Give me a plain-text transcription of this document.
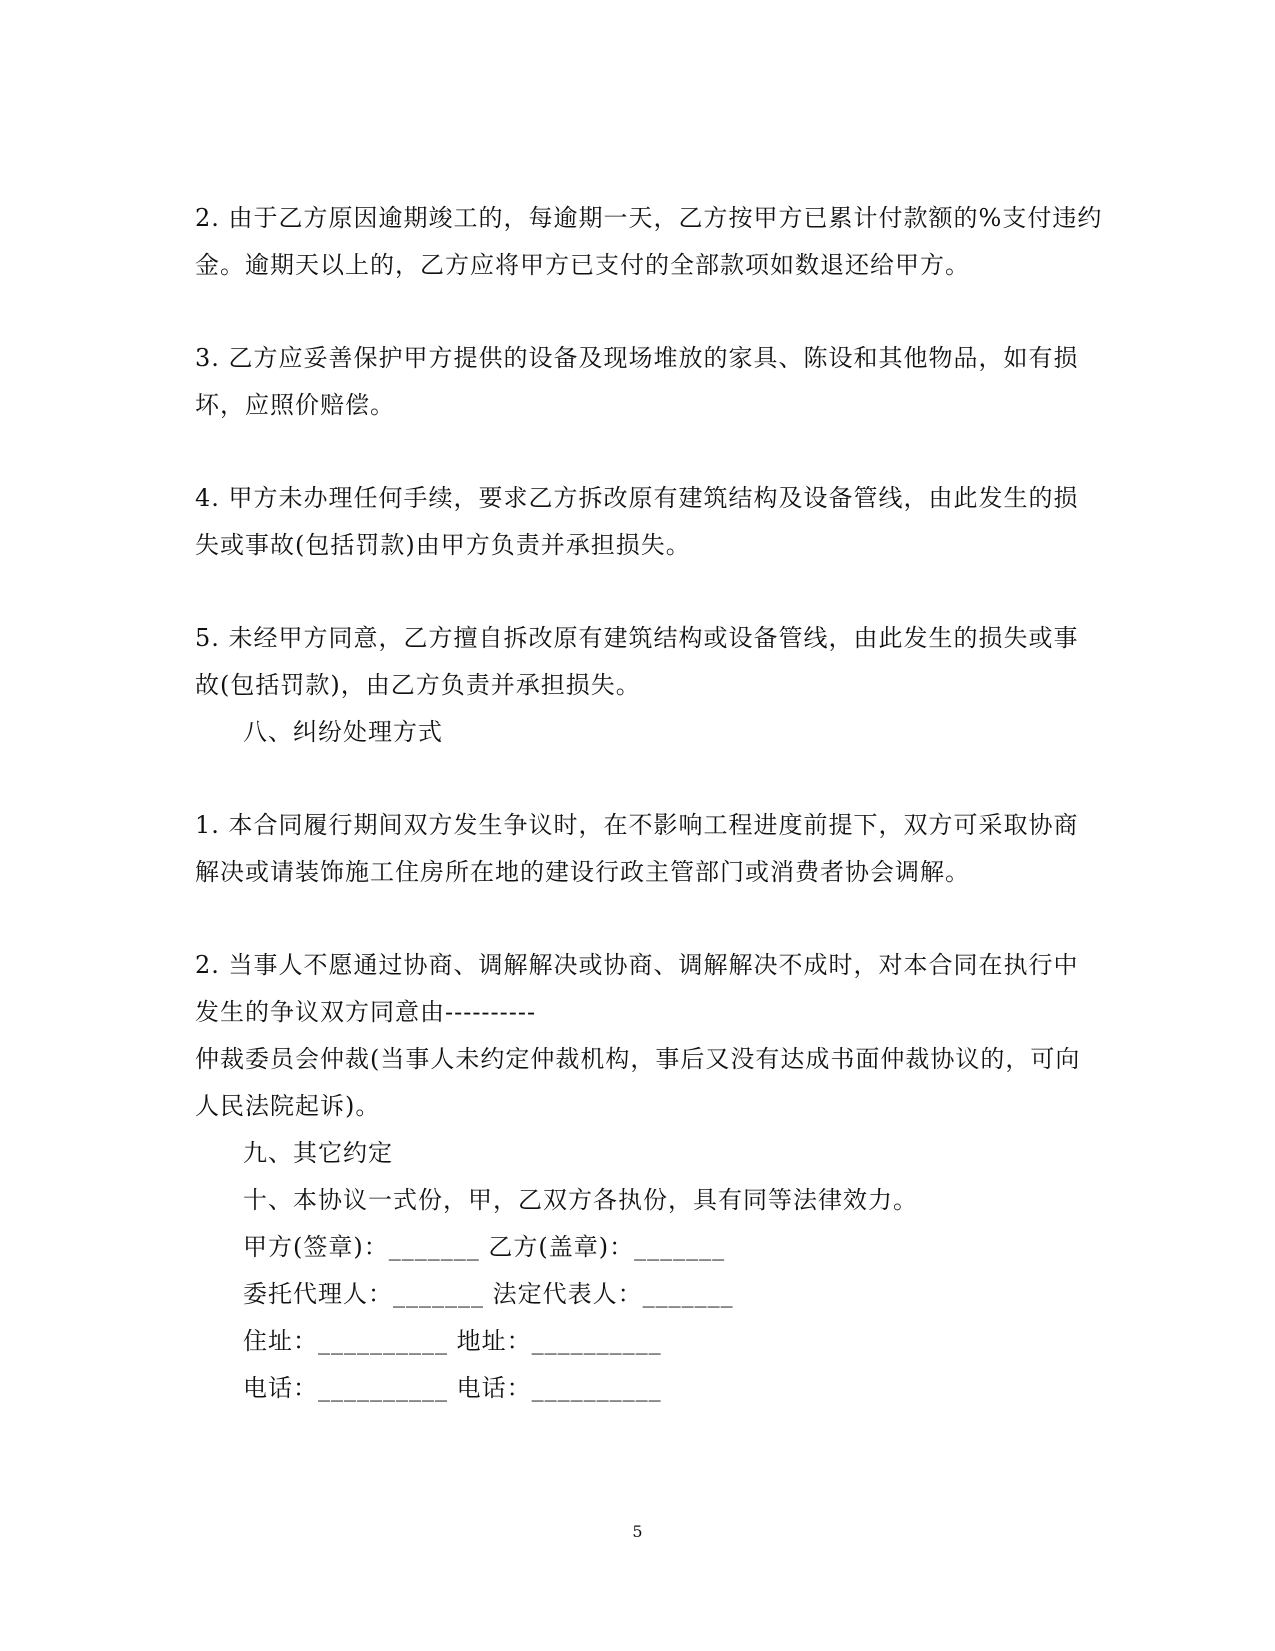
2. 由于乙方原因逾期竣工的，每逾期一天，乙方按甲方已累计付款额的%支付违约
金。逾期天以上的，乙方应将甲方已支付的全部款项如数退还给甲方。
3. 乙方应妥善保护甲方提供的设备及现场堆放的家具、陈设和其他物品，如有损
坏，应照价赔偿。
4. 甲方未办理任何手续，要求乙方拆改原有建筑结构及设备管线，由此发生的损
失或事故(包括罚款)由甲方负责并承担损失。
5. 未经甲方同意，乙方擅自拆改原有建筑结构或设备管线，由此发生的损失或事
故(包括罚款)，由乙方负责并承担损失。
八、纠纷处理方式
1. 本合同履行期间双方发生争议时，在不影响工程进度前提下，双方可采取协商
解决或请装饰施工住房所在地的建设行政主管部门或消费者协会调解。
2. 当事人不愿通过协商、调解解决或协商、调解解决不成时，对本合同在执行中
发生的争议双方同意由----------
仲裁委员会仲裁(当事人未约定仲裁机构，事后又没有达成书面仲裁协议的，可向
人民法院起诉)。
九、其它约定
十、本协议一式份，甲，乙双方各执份，具有同等法律效力。
甲方(签章)：_______ 乙方(盖章)：_______
委托代理人：_______ 法定代表人：_______
住址：__________ 地址：__________
电话：__________ 电话：__________
5
